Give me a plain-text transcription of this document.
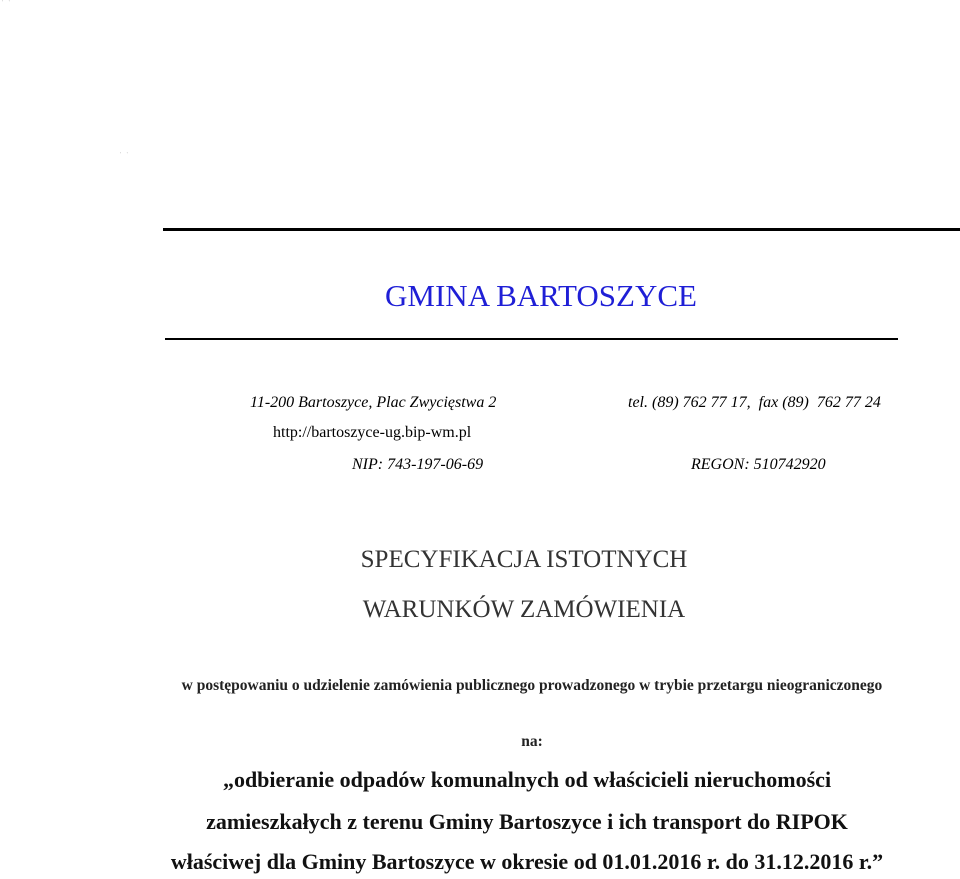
' '
' '
GMINA BARTOSZYCE
11-200 Bartoszyce, Plac Zwycięstwa 2	tel. (89) 762 77 17,  fax (89)  762 77 24
http://bartoszyce-ug.bip-wm.pl
NIP: 743-197-06-69	REGON: 510742920
SPECYFIKACJA ISTOTNYCH
WARUNKÓW ZAMÓWIENIA
w postępowaniu o udzielenie zamówienia publicznego prowadzonego w trybie przetargu nieograniczonego
na:
„odbieranie odpadów komunalnych od właścicieli nieruchomości
zamieszkałych z terenu Gminy Bartoszyce i ich transport do RIPOK
właściwej dla Gminy Bartoszyce w okresie od 01.01.2016 r. do 31.12.2016 r.”
